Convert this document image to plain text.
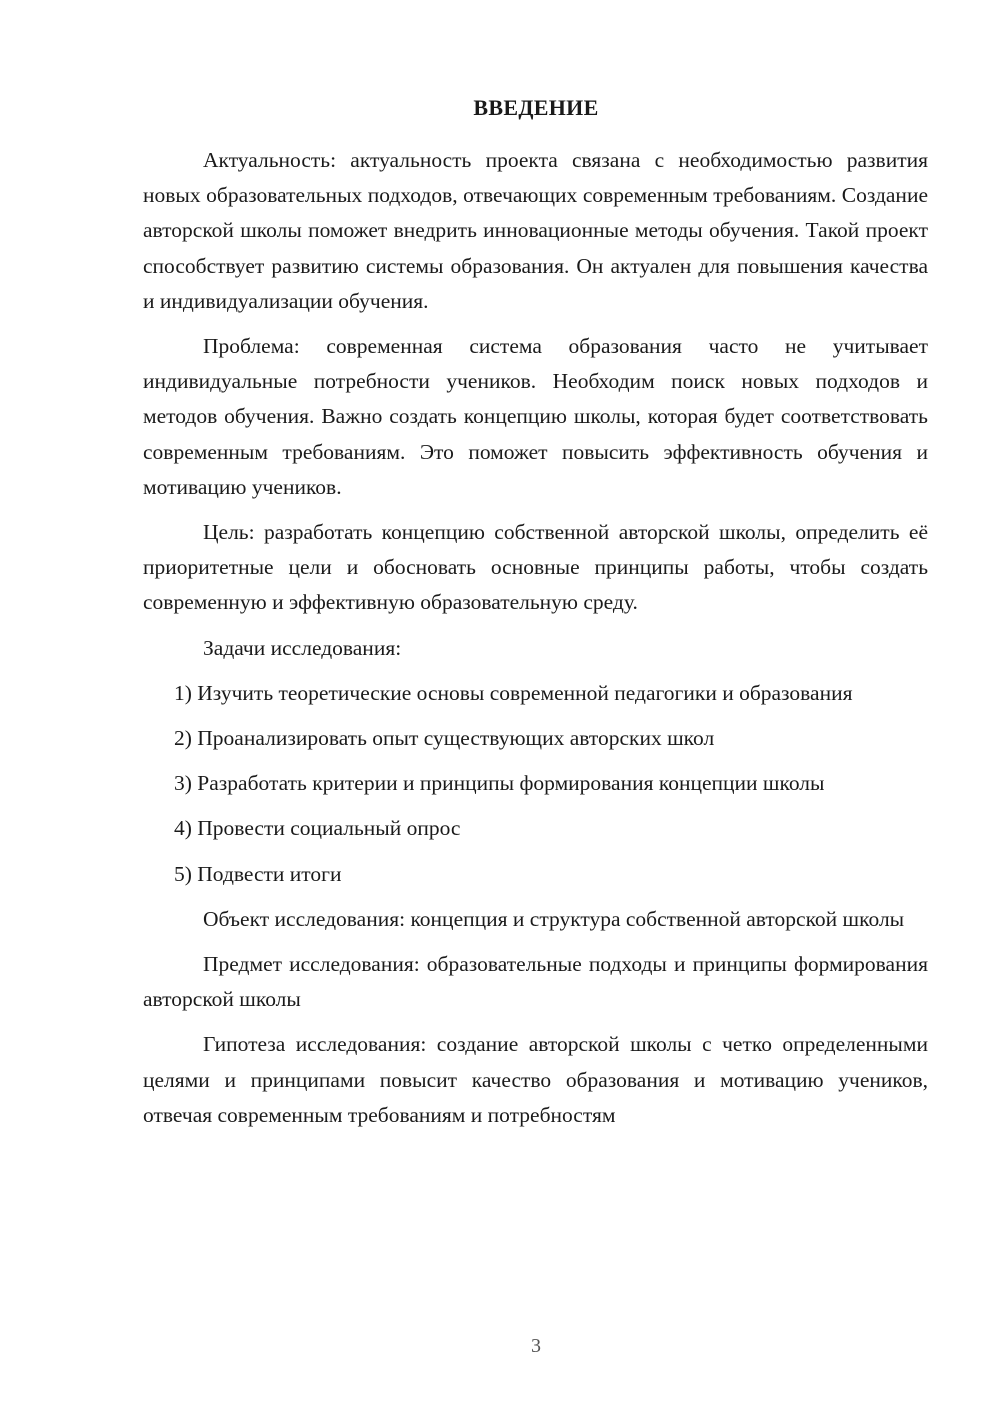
ВВЕДЕНИЕ

Актуальность: актуальность проекта связана с необходимостью развития новых образовательных подходов, отвечающих современным требованиям. Создание авторской школы поможет внедрить инновационные методы обучения. Такой проект способствует развитию системы образования. Он актуален для повышения качества и индивидуализации обучения.

Проблема: современная система образования часто не учитывает индивидуальные потребности учеников. Необходим поиск новых подходов и методов обучения. Важно создать концепцию школы, которая будет соответствовать современным требованиям. Это поможет повысить эффективность обучения и мотивацию учеников.

Цель: разработать концепцию собственной авторской школы, определить её приоритетные цели и обосновать основные принципы работы, чтобы создать современную и эффективную образовательную среду.

Задачи исследования:

1) Изучить теоретические основы современной педагогики и образования

2) Проанализировать опыт существующих авторских школ

3) Разработать критерии и принципы формирования концепции школы

4) Провести социальный опрос

5) Подвести итоги

Объект исследования: концепция и структура собственной авторской школы

Предмет исследования: образовательные подходы и принципы формирования авторской школы

Гипотеза исследования: создание авторской школы с четко определенными целями и принципами повысит качество образования и мотивацию учеников, отвечая современным требованиям и потребностям

3
